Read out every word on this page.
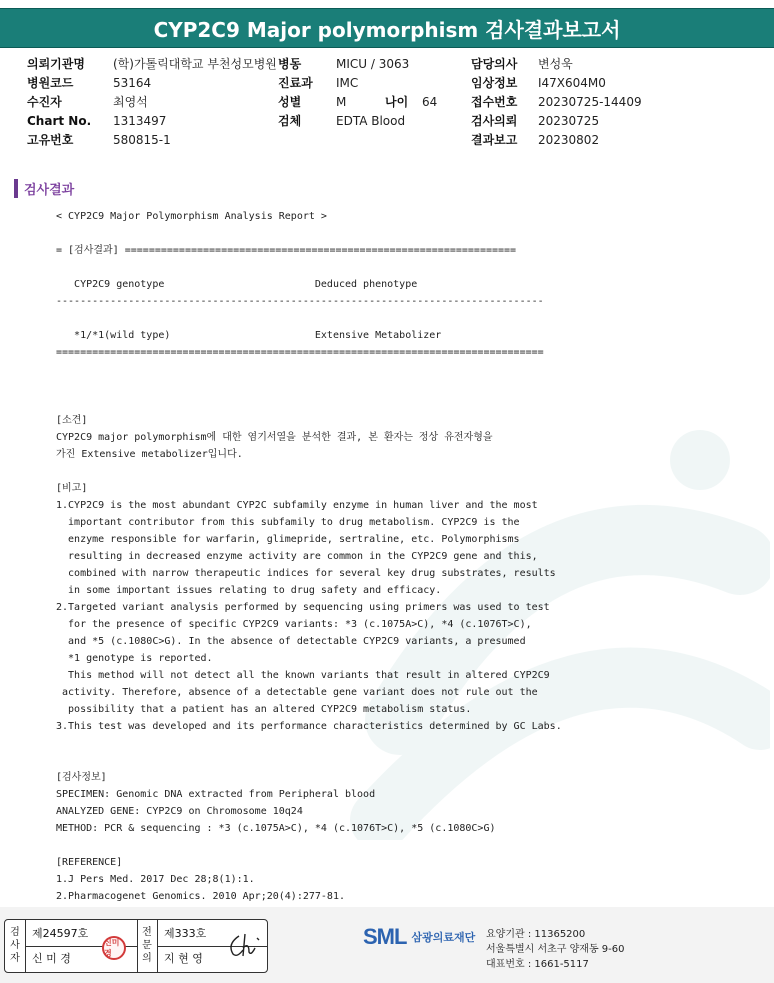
CYP2C9 Major polymorphism 검사결과보고서
의뢰기관명
병원코드
수진자
Chart No.
고유번호
(학)가톨릭대학교 부천성모병원
53164
최영석
1313497
580815-1
병동
진료과
성별
검체
MICU / 3063
IMC
M
EDTA Blood
나이 64
담당의사
임상정보
접수번호
검사의뢰
결과보고
변성욱
I47X604M0
20230725-14409
20230725
20230802
검사결과
< CYP2C9 Major Polymorphism Analysis Report >

= [검사결과] =================================================================

CYP2C9 genotype                         Deduced phenotype
---------------------------------------------------------------------------------

*1/*1(wild type)                        Extensive Metabolizer
=================================================================================

[소견]
CYP2C9 major polymorphism에 대한 염기서열을 분석한 결과, 본 환자는 정상 유전자형을
가진 Extensive metabolizer입니다.

[비고]
1.CYP2C9 is the most abundant CYP2C subfamily enzyme in human liver and the most
important contributor from this subfamily to drug metabolism. CYP2C9 is the
enzyme responsible for warfarin, glimepride, sertraline, etc. Polymorphisms
resulting in decreased enzyme activity are common in the CYP2C9 gene and this,
combined with narrow therapeutic indices for several key drug substrates, results
in some important issues relating to drug safety and efficacy.
2.Targeted variant analysis performed by sequencing using primers was used to test
for the presence of specific CYP2C9 variants: *3 (c.1075A>C), *4 (c.1076T>C),
and *5 (c.1080C>G). In the absence of detectable CYP2C9 variants, a presumed
*1 genotype is reported.
This method will not detect all the known variants that result in altered CYP2C9
activity. Therefore, absence of a detectable gene variant does not rule out the
possibility that a patient has an altered CYP2C9 metabolism status.
3.This test was developed and its performance characteristics determined by GC Labs.

[검사정보]
SPECIMEN: Genomic DNA extracted from Peripheral blood
ANALYZED GENE: CYP2C9 on Chromosome 10q24
METHOD: PCR & sequencing : *3 (c.1075A>C), *4 (c.1076T>C), *5 (c.1080C>G)

[REFERENCE]
1.J Pers Med. 2017 Dec 28;8(1):1.
2.Pharmacogenet Genomics. 2010 Apr;20(4):277-81.
검
사
자
제24597호
신 미 경
신미경
전
문
의
제333호
지 현 영
SML 삼광의료재단 요양기관 : 11365200
서울특별시 서초구 양재동 9-60
대표번호 : 1661-5117
